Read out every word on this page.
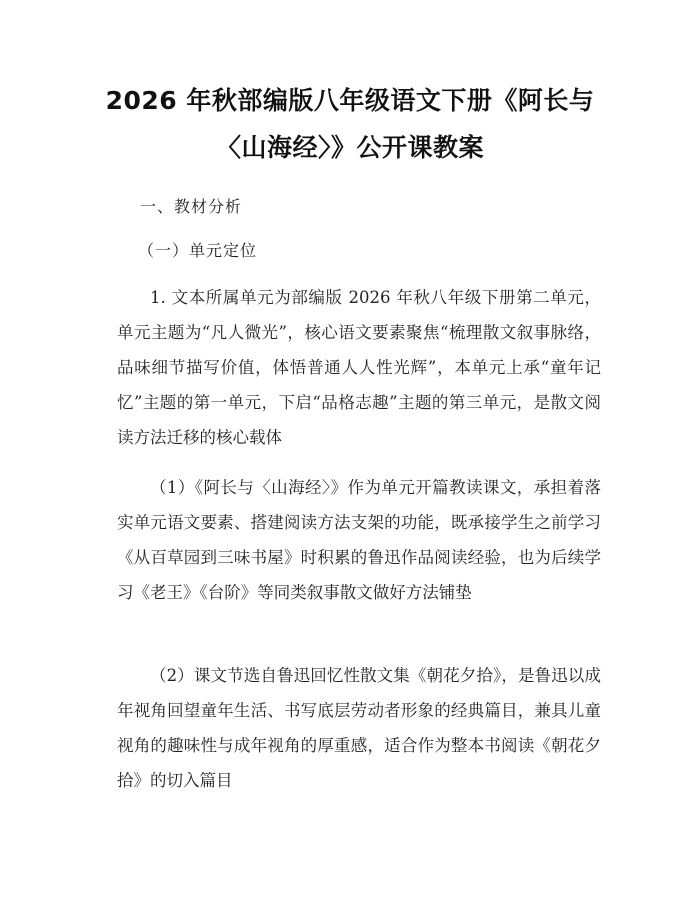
2026 年秋部编版八年级语文下册《阿长与
〈山海经〉》公开课教案
一、教材分析
（一）单元定位

1. 文本所属单元为部编版 2026 年秋八年级下册第二单元，单元主题为“凡人微光”，核心语文要素聚焦“梳理散文叙事脉络，品味细节描写价值，体悟普通人人性光辉”，本单元上承“童年记忆”主题的第一单元，下启“品格志趣”主题的第三单元，是散文阅读方法迁移的核心载体

（1）《阿长与〈山海经〉》作为单元开篇教读课文，承担着落实单元语文要素、搭建阅读方法支架的功能，既承接学生之前学习《从百草园到三味书屋》时积累的鲁迅作品阅读经验，也为后续学习《老王》《台阶》等同类叙事散文做好方法铺垫

（2）课文节选自鲁迅回忆性散文集《朝花夕拾》，是鲁迅以成年视角回望童年生活、书写底层劳动者形象的经典篇目，兼具儿童视角的趣味性与成年视角的厚重感，适合作为整本书阅读《朝花夕拾》的切入篇目
